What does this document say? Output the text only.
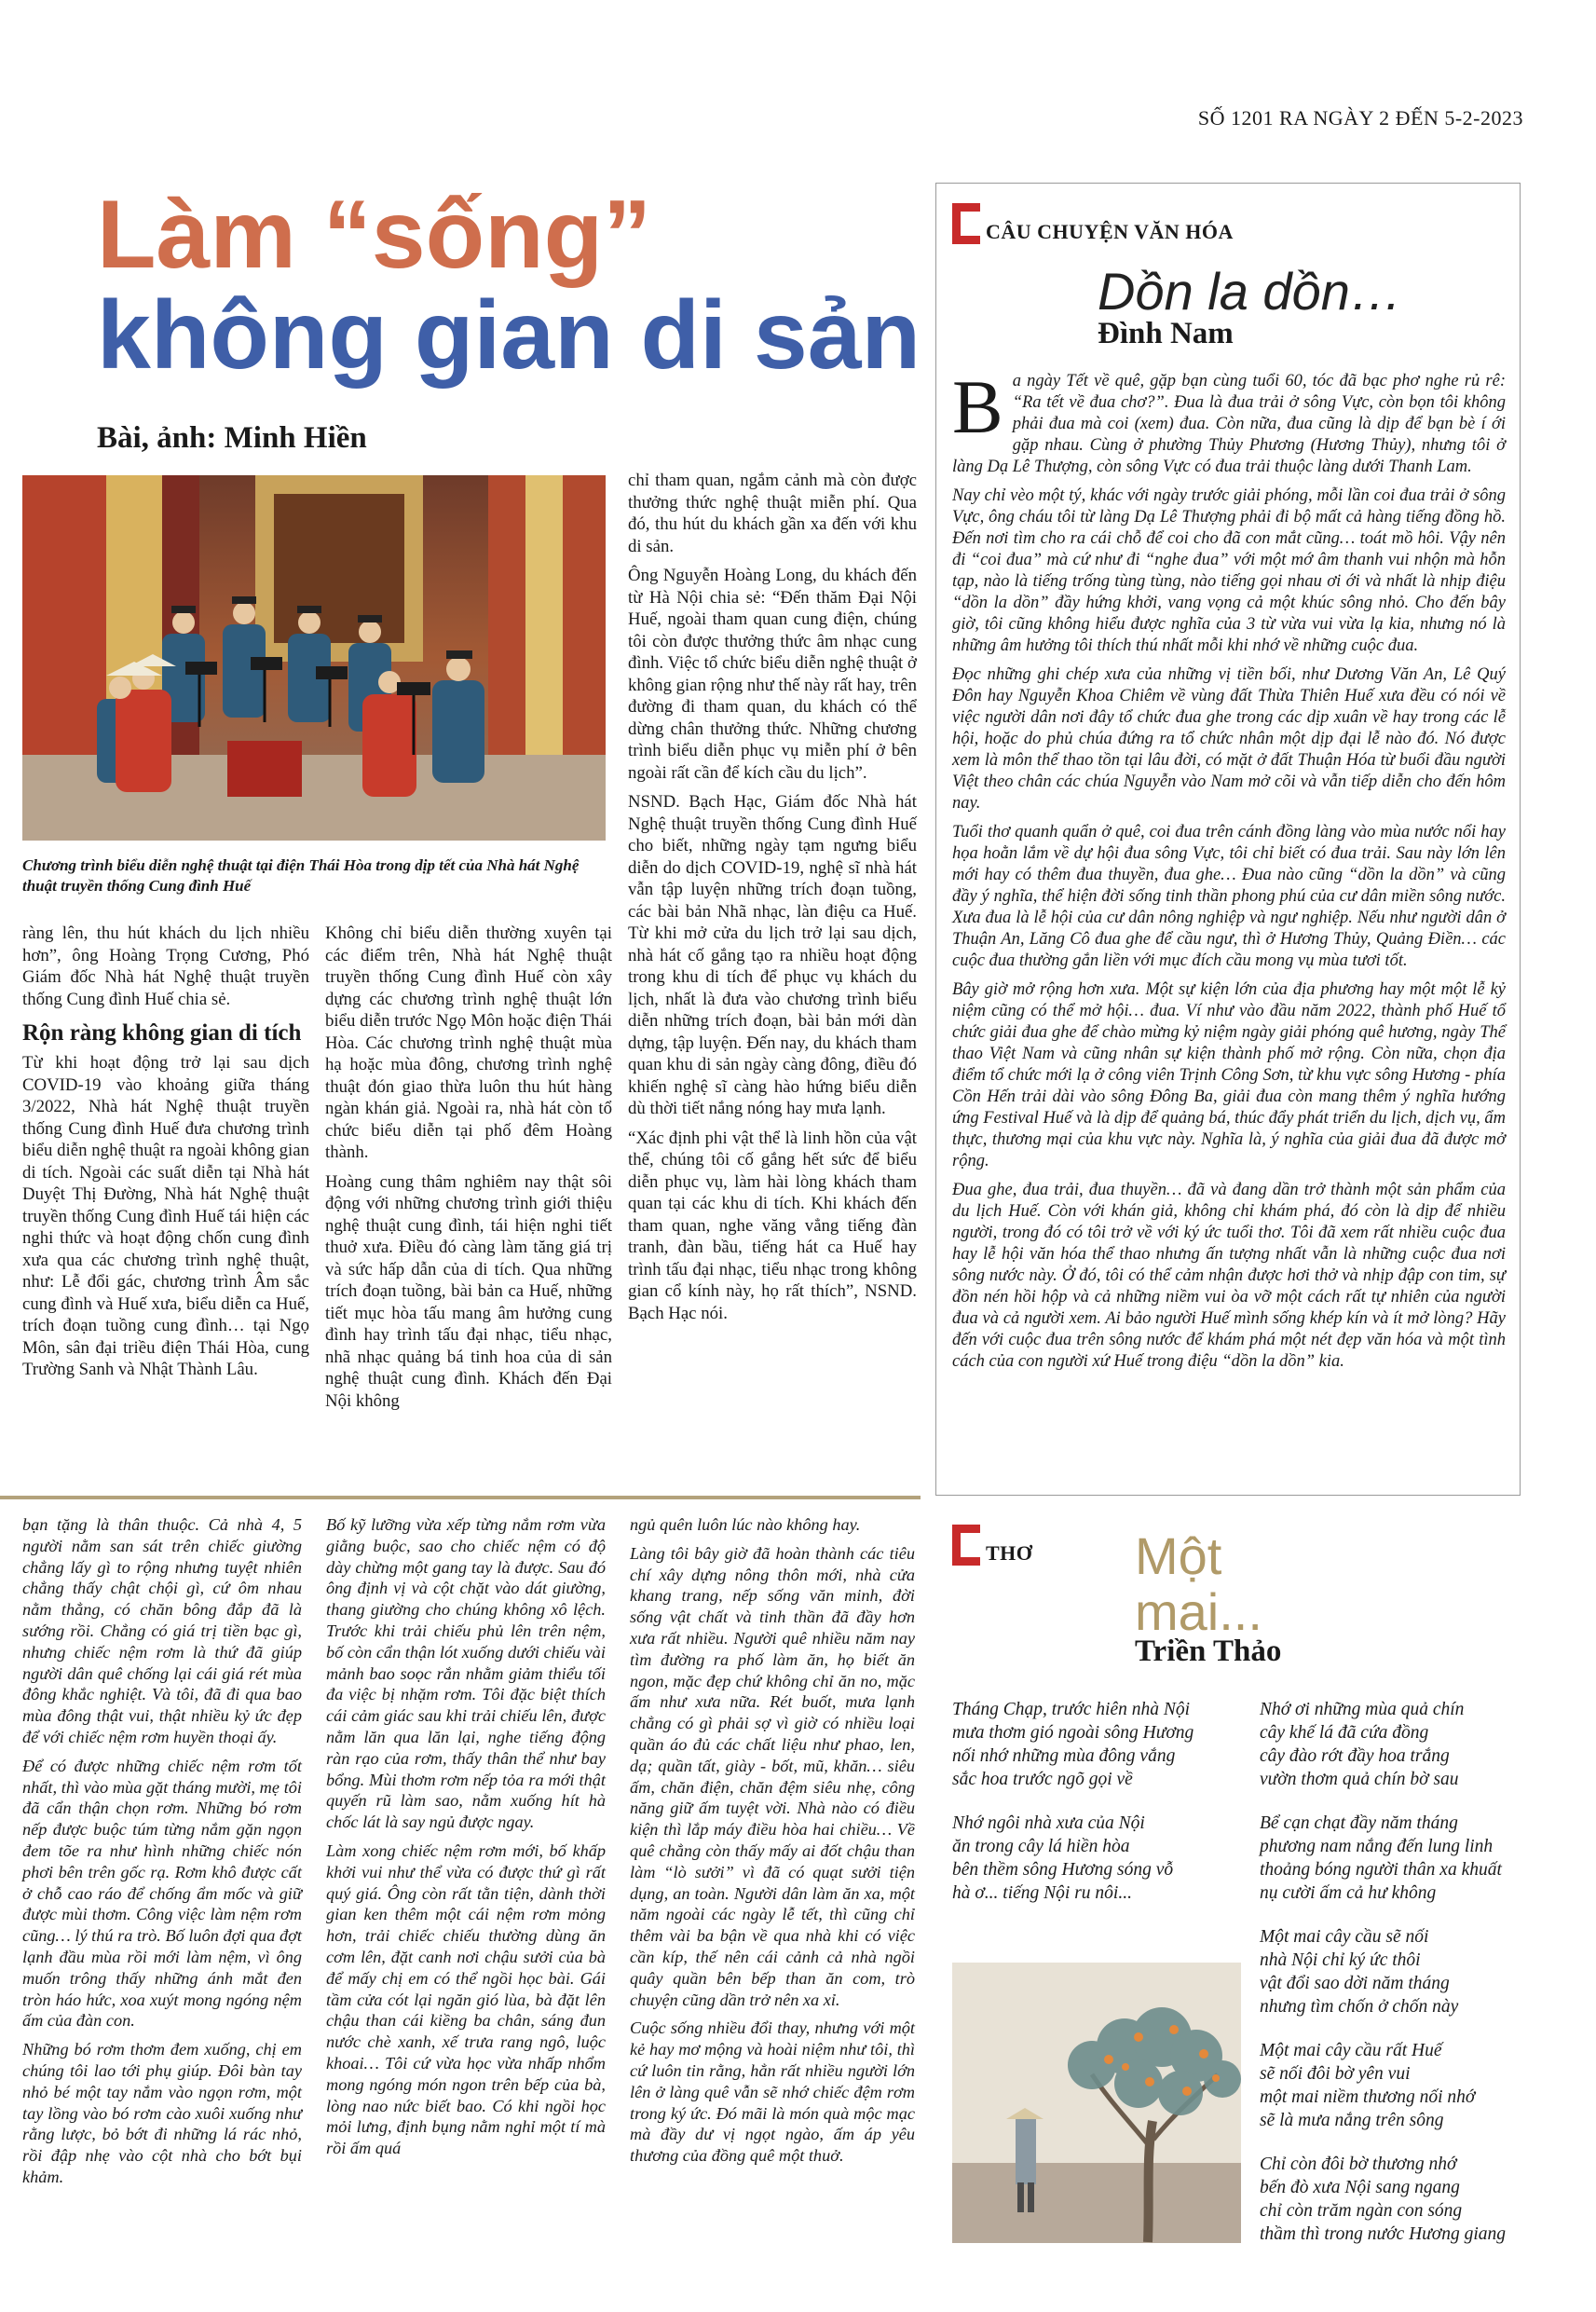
SỐ 1201 RA NGÀY 2 ĐẾN 5-2-2023
Làm “sống”
không gian di sản
Bài, ảnh: Minh Hiền
Chương trình biểu diễn nghệ thuật tại điện Thái Hòa trong dịp tết của Nhà hát Nghệ thuật truyền thống Cung đình Huế

ràng lên, thu hút khách du lịch nhiều hơn”, ông Hoàng Trọng Cương, Phó Giám đốc Nhà hát Nghệ thuật truyền thống Cung đình Huế chia sẻ.

Rộn ràng không gian di tích

Từ khi hoạt động trở lại sau dịch COVID-19 vào khoảng giữa tháng 3/2022, Nhà hát Nghệ thuật truyền thống Cung đình Huế đưa chương trình biểu diễn nghệ thuật ra ngoài không gian di tích. Ngoài các suất diễn tại Nhà hát Duyệt Thị Đường, Nhà hát Nghệ thuật truyền thống Cung đình Huế tái hiện các nghi thức và hoạt động chốn cung đình xưa qua các chương trình nghệ thuật, như: Lễ đổi gác, chương trình Âm sắc cung đình và Huế xưa, biểu diễn ca Huế, trích đoạn tuồng cung đình… tại Ngọ Môn, sân đại triều điện Thái Hòa, cung Trường Sanh và Nhật Thành Lâu.

Không chỉ biểu diễn thường xuyên tại các điểm trên, Nhà hát Nghệ thuật truyền thống Cung đình Huế còn xây dựng các chương trình nghệ thuật lớn biểu diễn trước Ngọ Môn hoặc điện Thái Hòa. Các chương trình nghệ thuật mùa hạ hoặc mùa đông, chương trình nghệ thuật đón giao thừa luôn thu hút hàng ngàn khán giả. Ngoài ra, nhà hát còn tổ chức biểu diễn tại phố đêm Hoàng thành.

Hoàng cung thâm nghiêm nay thật sôi động với những chương trình giới thiệu nghệ thuật cung đình, tái hiện nghi tiết thuở xưa. Điều đó càng làm tăng giá trị và sức hấp dẫn của di tích. Qua những trích đoạn tuồng, bài bản ca Huế, những tiết mục hòa tấu mang âm hưởng cung đình hay trình tấu đại nhạc, tiểu nhạc, nhã nhạc quảng bá tinh hoa của di sản nghệ thuật cung đình. Khách đến Đại Nội không

chỉ tham quan, ngắm cảnh mà còn được thưởng thức nghệ thuật miễn phí. Qua đó, thu hút du khách gần xa đến với khu di sản.

Ông Nguyễn Hoàng Long, du khách đến từ Hà Nội chia sẻ: “Đến thăm Đại Nội Huế, ngoài tham quan cung điện, chúng tôi còn được thưởng thức âm nhạc cung đình. Việc tổ chức biểu diễn nghệ thuật ở không gian rộng như thế này rất hay, trên đường đi tham quan, du khách có thể dừng chân thưởng thức. Những chương trình biểu diễn phục vụ miễn phí ở bên ngoài rất cần để kích cầu du lịch”.

NSND. Bạch Hạc, Giám đốc Nhà hát Nghệ thuật truyền thống Cung đình Huế cho biết, những ngày tạm ngưng biểu diễn do dịch COVID-19, nghệ sĩ nhà hát vẫn tập luyện những trích đoạn tuồng, các bài bản Nhã nhạc, làn điệu ca Huế. Từ khi mở cửa du lịch trở lại sau dịch, nhà hát cố gắng tạo ra nhiều hoạt động trong khu di tích để phục vụ khách du lịch, nhất là đưa vào chương trình biểu diễn những trích đoạn, bài bản mới dàn dựng, tập luyện. Đến nay, du khách tham quan khu di sản ngày càng đông, điều đó khiến nghệ sĩ càng hào hứng biểu diễn dù thời tiết nắng nóng hay mưa lạnh.

“Xác định phi vật thể là linh hồn của vật thể, chúng tôi cố gắng hết sức để biểu diễn phục vụ, làm hài lòng khách tham quan tại các khu di tích. Khi khách đến tham quan, nghe văng vẳng tiếng đàn tranh, đàn bầu, tiếng hát ca Huế hay trình tấu đại nhạc, tiểu nhạc trong không gian cổ kính này, họ rất thích”, NSND. Bạch Hạc nói.

CÂU CHUYỆN VĂN HÓA
Dồn la dồn…
Đình Nam

Ba ngày Tết về quê, gặp bạn cùng tuổi 60, tóc đã bạc phơ nghe rủ rê: “Ra tết về đua chơ?”. Đua là đua trải ở sông Vực, còn bọn tôi không phải đua mà coi (xem) đua. Còn nữa, đua cũng là dịp để bạn bè í ới gặp nhau. Cùng ở phường Thủy Phương (Hương Thủy), nhưng tôi ở làng Dạ Lê Thượng, còn sông Vực có đua trải thuộc làng dưới Thanh Lam.

Nay chỉ vèo một tý, khác với ngày trước giải phóng, mỗi lần coi đua trải ở sông Vực, ông cháu tôi từ làng Dạ Lê Thượng phải đi bộ mất cả hàng tiếng đồng hồ. Đến nơi tìm cho ra cái chỗ để coi cho đã con mắt cũng… toát mồ hôi. Vậy nên đi “coi đua” mà cứ như đi “nghe đua” với một mớ âm thanh vui nhộn mà hỗn tạp, nào là tiếng trống tùng tùng, nào tiếng gọi nhau ơi ới và nhất là nhịp điệu “dồn la dồn” đầy hứng khởi, vang vọng cả một khúc sông nhỏ. Cho đến bây giờ, tôi cũng không hiểu được nghĩa của 3 từ vừa vui vừa lạ kia, nhưng nó là những âm hưởng tôi thích thú nhất mỗi khi nhớ về những cuộc đua.

Đọc những ghi chép xưa của những vị tiền bối, như Dương Văn An, Lê Quý Đôn hay Nguyễn Khoa Chiêm về vùng đất Thừa Thiên Huế xưa đều có nói về việc người dân nơi đây tổ chức đua ghe trong các dịp xuân về hay trong các lễ hội, hoặc do phủ chúa đứng ra tổ chức nhân một dịp đại lễ nào đó. Nó được xem là môn thể thao tồn tại lâu đời, có mặt ở đất Thuận Hóa từ buổi đầu người Việt theo chân các chúa Nguyễn vào Nam mở cõi và vẫn tiếp diễn cho đến hôm nay.

Tuổi thơ quanh quẩn ở quê, coi đua trên cánh đồng làng vào mùa nước nổi hay họa hoằn lắm về dự hội đua sông Vực, tôi chỉ biết có đua trải. Sau này lớn lên mới hay có thêm đua thuyền, đua ghe… Đua nào cũng “dồn la dồn” và cũng đầy ý nghĩa, thể hiện đời sống tinh thần phong phú của cư dân miền sông nước. Xưa đua là lễ hội của cư dân nông nghiệp và ngư nghiệp. Nếu như người dân ở Thuận An, Lăng Cô đua ghe để cầu ngư, thì ở Hương Thủy, Quảng Điền… các cuộc đua thường gắn liền với mục đích cầu mong vụ mùa tươi tốt.

Bây giờ mở rộng hơn xưa. Một sự kiện lớn của địa phương hay một một lễ kỷ niệm cũng có thể mở hội… đua. Ví như vào đầu năm 2022, thành phố Huế tổ chức giải đua ghe để chào mừng kỷ niệm ngày giải phóng quê hương, ngày Thể thao Việt Nam và cũng nhân sự kiện thành phố mở rộng. Còn nữa, chọn địa điểm tổ chức mới lạ ở công viên Trịnh Công Sơn, từ khu vực sông Hương - phía Cồn Hến trải dài vào sông Đông Ba, giải đua còn mang thêm ý nghĩa hướng ứng Festival Huế và là dịp để quảng bá, thúc đẩy phát triển du lịch, dịch vụ, ẩm thực, thương mại của khu vực này. Nghĩa là, ý nghĩa của giải đua đã được mở rộng.

Đua ghe, đua trải, đua thuyền… đã và đang dần trở thành một sản phẩm của du lịch Huế. Còn với khán giả, không chỉ khám phá, đó còn là dịp để nhiều người, trong đó có tôi trở về với ký ức tuổi thơ. Tôi đã xem rất nhiều cuộc đua hay lễ hội văn hóa thể thao nhưng ấn tượng nhất vẫn là những cuộc đua nơi sông nước này. Ở đó, tôi có thể cảm nhận được hơi thở và nhịp đập con tim, sự đồn nén hồi hộp và cả những niềm vui òa vỡ một cách rất tự nhiên của người đua và cả người xem. Ai bảo người Huế mình sống khép kín và ít mở lòng? Hãy đến với cuộc đua trên sông nước để khám phá một nét đẹp văn hóa và một tình cách của con người xứ Huế trong điệu “dồn la dồn” kia.

bạn tặng là thân thuộc. Cả nhà 4, 5 người nằm san sát trên chiếc giường chẳng lấy gì to rộng nhưng tuyệt nhiên chẳng thấy chật chội gì, cứ ôm nhau nằm thẳng, có chăn bông đắp đã là sướng rồi. Chẳng có giá trị tiền bạc gì, nhưng chiếc nệm rơm là thứ đã giúp người dân quê chống lại cái giá rét mùa đông khắc nghiệt. Và tôi, đã đi qua bao mùa đông thật vui, thật nhiều kỷ ức đẹp để với chiếc nệm rơm huyền thoại ấy.

Để có được những chiếc nệm rơm tốt nhất, thì vào mùa gặt tháng mười, mẹ tôi đã cẩn thận chọn rơm. Những bó rơm nếp được buộc túm từng nắm gặn ngọn đem tõe ra như hình những chiếc nón phơi bên trên gốc rạ. Rơm khô được cất ở chỗ cao ráo để chống ẩm mốc và giữ được mùi thơm. Công việc làm nệm rơm cũng… lý thú ra trò. Bố luôn đợi qua đợt lạnh đầu mùa rồi mới làm nệm, vì ông muốn trông thấy những ánh mắt đen tròn háo hức, xoa xuýt mong ngóng nệm ấm của đàn con.

Những bó rơm thơm đem xuống, chị em chúng tôi lao tới phụ giúp. Đôi bàn tay nhỏ bé một tay nắm vào ngọn rơm, một tay lồng vào bó rơm cào xuôi xuống như rằng lược, bỏ bớt đi những lá rác nhỏ, rồi đập nhẹ vào cột nhà cho bớt bụi khảm.

Bố kỹ lưỡng vừa xếp từng nắm rơm vừa giằng buộc, sao cho chiếc nệm có độ dày chừng một gang tay là được. Sau đó ông định vị và cột chặt vào dát giường, thang giường cho chúng không xô lệch. Trước khi trải chiếu phủ lên trên nệm, bố còn cẩn thận lót xuống dưới chiếu vài mảnh bao soọc rắn nhằm giảm thiểu tối đa việc bị nhặm rơm. Tôi đặc biệt thích cái cảm giác sau khi trải chiếu lên, được nằm lăn qua lăn lại, nghe tiếng động ràn rạo của rơm, thấy thân thể như bay bổng. Mùi thơm rơm nếp tỏa ra mới thật quyến rũ làm sao, nằm xuống hít hà chốc lát là say ngủ được ngay.

Làm xong chiếc nệm rơm mới, bố khấp khởi vui như thể vừa có được thứ gì rất quý giá. Ông còn rất tằn tiện, dành thời gian ken thêm một cái nệm rơm mỏng hơn, trải chiếc chiếu thường dùng ăn cơm lên, đặt canh nơi chậu sưởi của bà để mấy chị em có thể ngồi học bài. Gái tầm cửa cót lại ngăn gió lùa, bà đặt lên chậu than cái kiềng ba chân, sáng đun nước chè xanh, xế trưa rang ngô, luộc khoai… Tôi cứ vừa học vừa nhấp nhổm mong ngóng món ngon trên bếp của bà, lòng nao nức biết bao. Có khi ngồi học mỏi lưng, định bụng nằm nghỉ một tí mà rồi ấm quá

ngủ quên luôn lúc nào không hay.

Làng tôi bây giờ đã hoàn thành các tiêu chí xây dựng nông thôn mới, nhà cửa khang trang, nếp sống văn minh, đời sống vật chất và tinh thần đã đầy hơn xưa rất nhiều. Người quê nhiều năm nay tìm đường ra phố làm ăn, họ biết ăn ngon, mặc đẹp chứ không chỉ ăn no, mặc ấm như xưa nữa. Rét buốt, mưa lạnh chẳng có gì phải sợ vì giờ có nhiều loại quần áo đủ các chất liệu như phao, len, dạ; quần tất, giày - bốt, mũ, khăn… siêu ấm, chăn điện, chăn đệm siêu nhẹ, công năng giữ ấm tuyệt vời. Nhà nào có điều kiện thì lắp máy điều hòa hai chiều… Về quê chẳng còn thấy mấy ai đốt chậu than làm “lò sưởi” vì đã có quạt sưởi tiện dụng, an toàn. Người dân làm ăn xa, một năm ngoài các ngày lễ tết, thì cũng chỉ thêm vài ba bận về qua nhà khi có việc cần kíp, thế nên cái cảnh cả nhà ngồi quây quần bên bếp than ăn com, trò chuyện cũng dần trở nên xa xỉ.

Cuộc sống nhiều đổi thay, nhưng với một kẻ hay mơ mộng và hoài niệm như tôi, thì cứ luôn tin rằng, hẳn rất nhiều người lớn lên ở làng quê vẫn sẽ nhớ chiếc đệm rơm trong ký ức. Đó mãi là món quà mộc mạc mà đầy dư vị ngọt ngào, ấm áp yêu thương của đồng quê một thuở.

THƠ Một
mai...
Triền Thảo

Tháng Chạp, trước hiên nhà Nội
mưa thơm gió ngoài sông Hương
nối nhớ những mùa đông vắng
sắc hoa trước ngõ gọi về

Nhớ ngôi nhà xưa của Nội
ăn trong cây lá hiền hòa
bên thềm sông Hương sóng vỗ
hà ơ... tiếng Nội ru nôi...

Nhớ ơi những mùa quả chín
cây khế lá đã cứa đồng
cây đào rớt đầy hoa trắng
vườn thơm quả chín bờ sau

Bể cạn chạt đầy năm tháng
phương nam nắng đến lung linh
thoảng bóng người thân xa khuất
nụ cười ấm cả hư không

Một mai cây cầu sẽ nối
nhà Nội chỉ ký ức thôi
vật đổi sao dời năm tháng
nhưng tìm chốn ở chốn này

Một mai cây cầu rất Huế
sẽ nối đôi bờ yên vui
một mai niềm thương nối nhớ
sẽ là mưa nắng trên sông

Chỉ còn đôi bờ thương nhớ
bến đò xưa Nội sang ngang
chỉ còn trăm ngàn con sóng
thầm thì trong nước Hương giang
